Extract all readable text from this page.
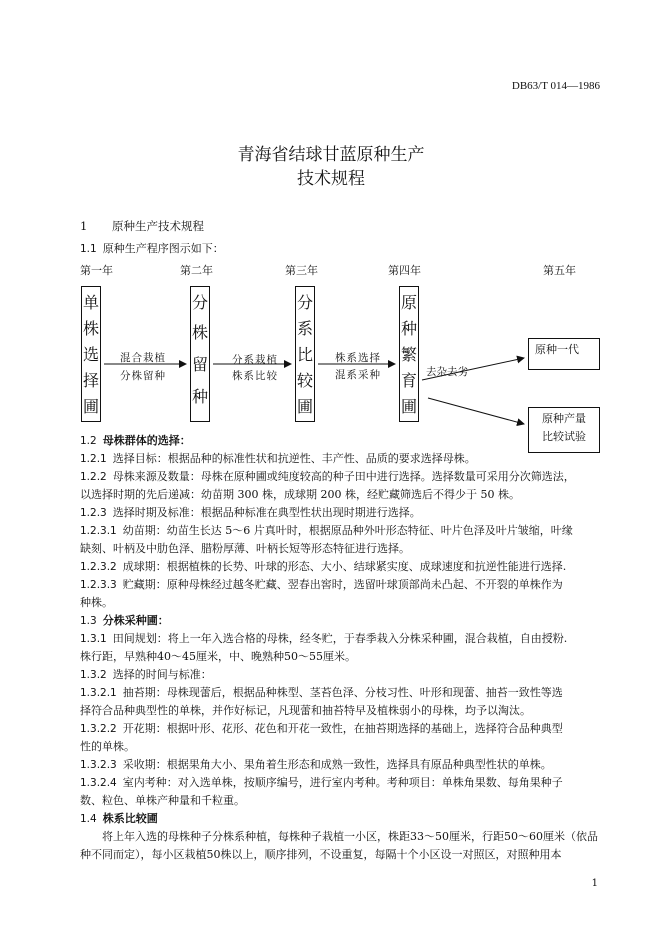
DB63/T 014—1986
青海省结球甘蓝原种生产
技术规程
1 原种生产技术规程
1.1 原种生产程序图示如下：
第一年	第二年	第三年	第四年	第五年
单
株
选
择
圃
分
株
留
种
分
系
比
较
圃
原
种
繁
育
圃
混合栽植
分株留种
分系栽植
株系比较
株系选择
混系采种	去杂去劣
原种一代
原种产量
比较试验
1.2 母株群体的选择：
1.2.1 选择目标：根据品种的标准性状和抗逆性、丰产性、品质的要求选择母株。
1.2.2 母株来源及数量：母株在原种圃或纯度较高的种子田中进行选择。选择数量可采用分次筛选法，
以选择时期的先后递减：幼苗期 300 株，成球期 200 株，经贮藏筛选后不得少于 50 株。
1.2.3 选择时期及标准：根据品种标准在典型性状出现时期进行选择。
1.2.3.1 幼苗期：幼苗生长达 5～6 片真叶时，根据原品种外叶形态特征、叶片色泽及叶片皱缩，叶缘
缺刻、叶柄及中肋色泽、腊粉厚薄、叶柄长短等形态特征进行选择。
1.2.3.2 成球期：根据植株的长势、叶球的形态、大小、结球紧实度、成球速度和抗逆性能进行选择.
1.2.3.3 贮藏期：原种母株经过越冬贮藏、翌春出窖时，选留叶球顶部尚未凸起、不开裂的单株作为
种株。
1.3 分株采种圃：
1.3.1 田间规划：将上一年入选合格的母株，经冬贮，于春季栽入分株采种圃，混合栽植，自由授粉.
株行距，早熟种40～45厘米，中、晚熟种50～55厘米。
1.3.2 选择的时间与标准：
1.3.2.1 抽苔期：母株现蕾后，根据品种株型、茎苔色泽、分枝习性、叶形和现蕾、抽苔一致性等选
择符合品种典型性的单株，并作好标记，凡现蕾和抽苔特早及植株弱小的母株，均予以淘汰。
1.3.2.2 开花期：根据叶形、花形、花色和开花一致性，在抽苔期选择的基础上，选择符合品种典型
性的单株。
1.3.2.3 采收期：根据果角大小、果角着生形态和成熟一致性，选择具有原品种典型性状的单株。
1.3.2.4 室内考种：对入选单株，按顺序编号，进行室内考种。考种项目：单株角果数、每角果种子
数、粒色、单株产种量和千粒重。
1.4 株系比较圃
将上年入选的母株种子分株系种植，每株种子栽植一小区，株距33～50厘米，行距50～60厘米（依品种不同而定），每小区栽植50株以上，顺序排列，不设重复，每隔十个小区设一对照区，对照种用本
1
